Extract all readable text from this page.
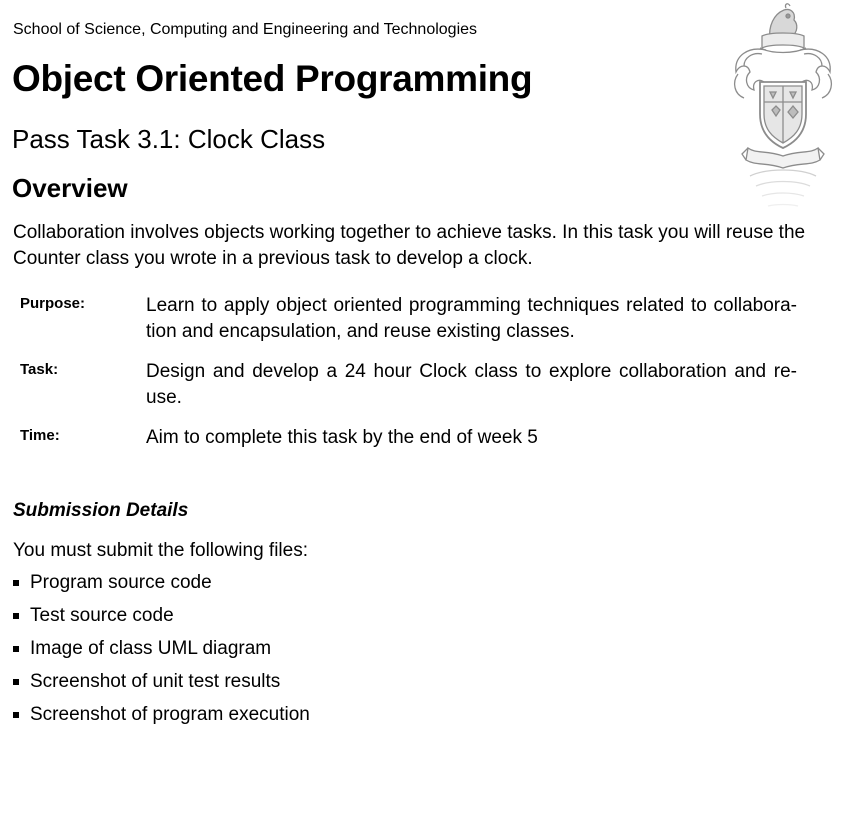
School of Science, Computing and Engineering and Technologies
Object Oriented Programming
Pass Task 3.1: Clock Class
Overview
Collaboration involves objects working together to achieve tasks. In this task you will reuse the Counter class you wrote in a previous task to develop a clock.
Purpose:	Learn to apply object oriented programming techniques related to collabora-tion and encapsulation, and reuse existing classes.
Task:	Design and develop a 24 hour Clock class to explore collaboration and re-use.
Time:	Aim to complete this task by the end of week 5
Submission Details
You must submit the following files:
Program source code
Test source code
Image of class UML diagram
Screenshot of unit test results
Screenshot of program execution
